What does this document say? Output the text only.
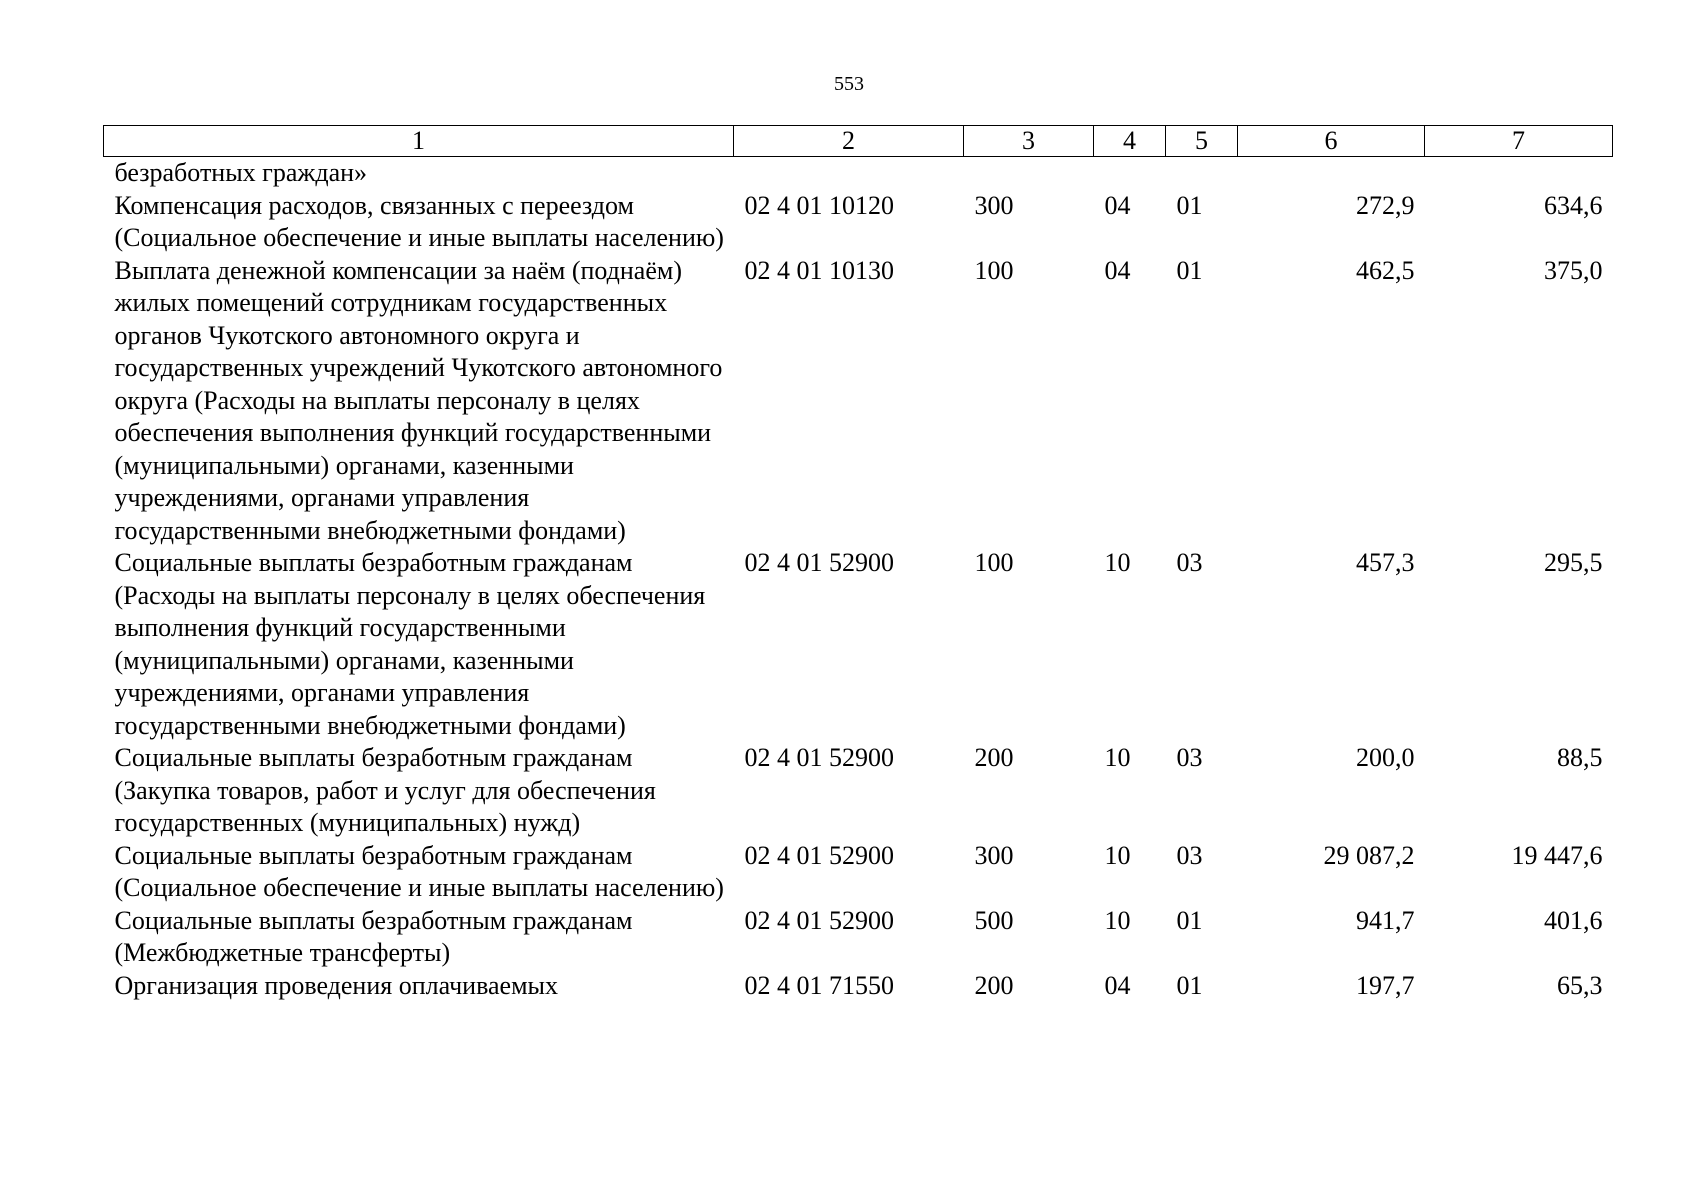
553
1	2	3	4	5	6	7
безработных граждан»						
Компенсация расходов, связанных с переездом (Социальное обеспечение и иные выплаты населению)	02 4 01 10120	300	04	01	272,9	634,6
Выплата денежной компенсации за наём (поднаём) жилых помещений сотрудникам государственных органов Чукотского автономного округа и государственных учреждений Чукотского автономного округа (Расходы на выплаты персоналу в целях обеспечения выполнения функций государственными (муниципальными) органами, казенными учреждениями, органами управления государственными внебюджетными фондами)	02 4 01 10130	100	04	01	462,5	375,0
Социальные выплаты безработным гражданам (Расходы на выплаты персоналу в целях обеспечения выполнения функций государственными (муниципальными) органами, казенными учреждениями, органами управления государственными внебюджетными фондами)	02 4 01 52900	100	10	03	457,3	295,5
Социальные выплаты безработным гражданам (Закупка товаров, работ и услуг для обеспечения государственных (муниципальных) нужд)	02 4 01 52900	200	10	03	200,0	88,5
Социальные выплаты безработным гражданам (Социальное обеспечение и иные выплаты населению)	02 4 01 52900	300	10	03	29 087,2	19 447,6
Социальные выплаты безработным гражданам (Межбюджетные трансферты)	02 4 01 52900	500	10	01	941,7	401,6
Организация проведения оплачиваемых	02 4 01 71550	200	04	01	197,7	65,3
